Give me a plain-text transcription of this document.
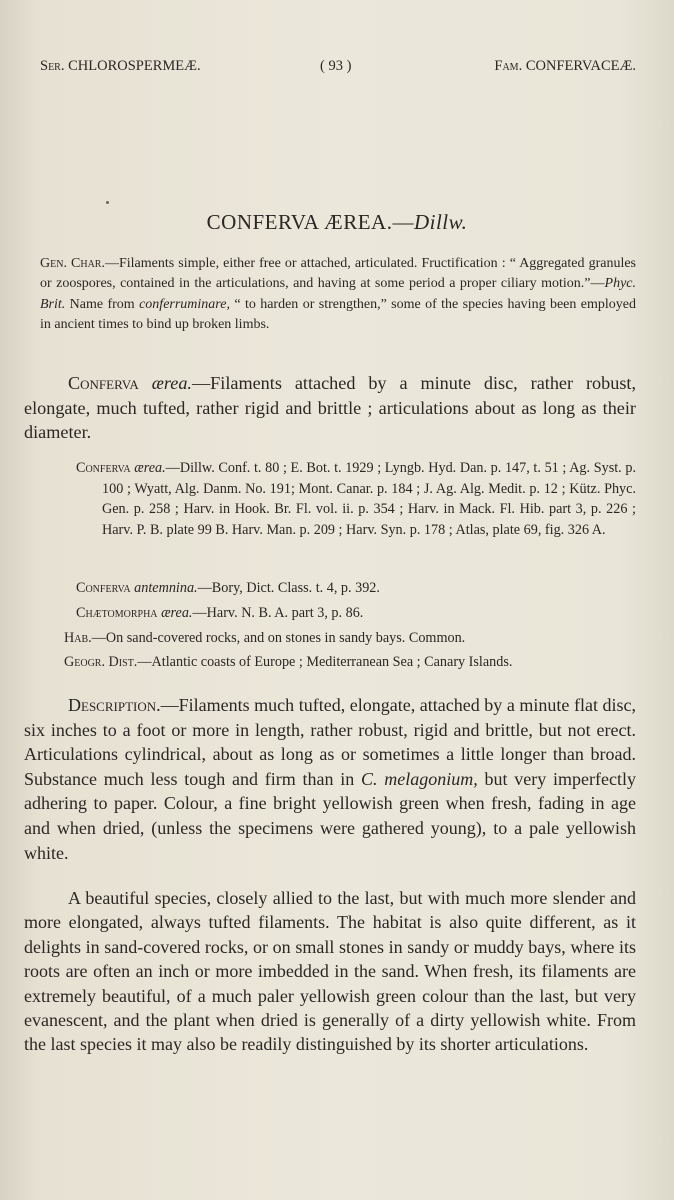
Ser. CHLOROSPERMEÆ.	( 93 )	Fam. CONFERVACEÆ.
CONFERVA ÆREA.—Dillw.
Gen. Char.—Filaments simple, either free or attached, articulated. Fructification : “ Aggregated granules or zoospores, contained in the articulations, and having at some period a proper ciliary motion.”—Phyc. Brit. Name from conferruminare, “ to harden or strengthen,” some of the species having been employed in ancient times to bind up broken limbs.
Conferva ærea.—Filaments attached by a minute disc, rather robust, elongate, much tufted, rather rigid and brittle ; articulations about as long as their diameter.
Conferva ærea.—Dillw. Conf. t. 80 ; E. Bot. t. 1929 ; Lyngb. Hyd. Dan. p. 147, t. 51 ; Ag. Syst. p. 100 ; Wyatt, Alg. Danm. No. 191; Mont. Canar. p. 184 ; J. Ag. Alg. Medit. p. 12 ; Kütz. Phyc. Gen. p. 258 ; Harv. in Hook. Br. Fl. vol. ii. p. 354 ; Harv. in Mack. Fl. Hib. part 3, p. 226 ; Harv. P. B. plate 99 B. Harv. Man. p. 209 ; Harv. Syn. p. 178 ; Atlas, plate 69, fig. 326 A.
Conferva antemnina.—Bory, Dict. Class. t. 4, p. 392.
Chætomorpha ærea.—Harv. N. B. A. part 3, p. 86.
Hab.—On sand-covered rocks, and on stones in sandy bays. Common.
Geogr. Dist.—Atlantic coasts of Europe ; Mediterranean Sea ; Canary Islands.
Description.—Filaments much tufted, elongate, attached by a minute flat disc, six inches to a foot or more in length, rather robust, rigid and brittle, but not erect. Articulations cylindrical, about as long as or sometimes a little longer than broad. Substance much less tough and firm than in C. melagonium, but very imperfectly adhering to paper. Colour, a fine bright yellowish green when fresh, fading in age and when dried, (unless the specimens were gathered young), to a pale yellowish white.
A beautiful species, closely allied to the last, but with much more slender and more elongated, always tufted filaments. The habitat is also quite different, as it delights in sand-covered rocks, or on small stones in sandy or muddy bays, where its roots are often an inch or more imbedded in the sand. When fresh, its filaments are extremely beautiful, of a much paler yellowish green colour than the last, but very evanescent, and the plant when dried is generally of a dirty yellowish white. From the last species it may also be readily distinguished by its shorter articulations.
